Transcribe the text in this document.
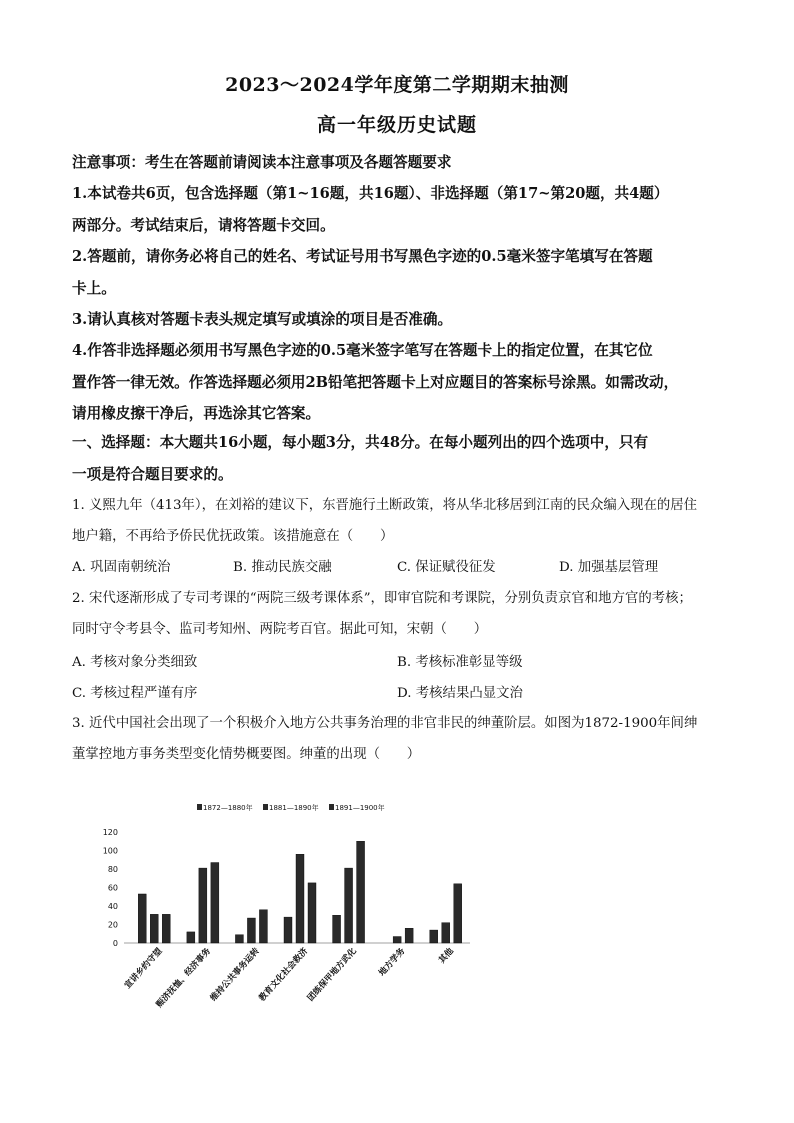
2023～2024学年度第二学期期末抽测
高一年级历史试题
注意事项：考生在答题前请阅读本注意事项及各题答题要求
1.本试卷共6页，包含选择题（第1~16题，共16题）、非选择题（第17~第20题，共4题）
两部分。考试结束后，请将答题卡交回。
2.答题前，请你务必将自己的姓名、考试证号用书写黑色字迹的0.5毫米签字笔填写在答题
卡上。
3.请认真核对答题卡表头规定填写或填涂的项目是否准确。
4.作答非选择题必须用书写黑色字迹的0.5毫米签字笔写在答题卡上的指定位置，在其它位
置作答一律无效。作答选择题必须用2B铅笔把答题卡上对应题目的答案标号涂黑。如需改动，
请用橡皮擦干净后，再选涂其它答案。
一、选择题：本大题共16小题，每小题3分，共48分。在每小题列出的四个选项中，只有
一项是符合题目要求的。
1. 义熙九年（413年），在刘裕的建议下，东晋施行土断政策，将从华北移居到江南的民众编入现在的居住
地户籍，不再给予侨民优抚政策。该措施意在（　　）
A. 巩固南朝统治	B. 推动民族交融	C. 保证赋役征发	D. 加强基层管理
2. 宋代逐渐形成了专司考课的“两院三级考课体系”，即审官院和考课院，分别负责京官和地方官的考核；
同时守令考县令、监司考知州、两院考百官。据此可知，宋朝（　　）
A. 考核对象分类细致	B. 考核标准彰显等级
C. 考核过程严谨有序	D. 考核结果凸显文治
3. 近代中国社会出现了一个积极介入地方公共事务治理的非官非民的绅董阶层。如图为1872-1900年间绅
董掌控地方事务类型变化情势概要图。绅董的出现（　　）
1872—1880年 1881—1890年 1891—1900年
0
20
40
60
80
100
120
宣讲乡约守望
赈济抚恤、经济事务
维持公共事务运转
教育文化社会救济
团练保甲地方武化 地方学务	其他
